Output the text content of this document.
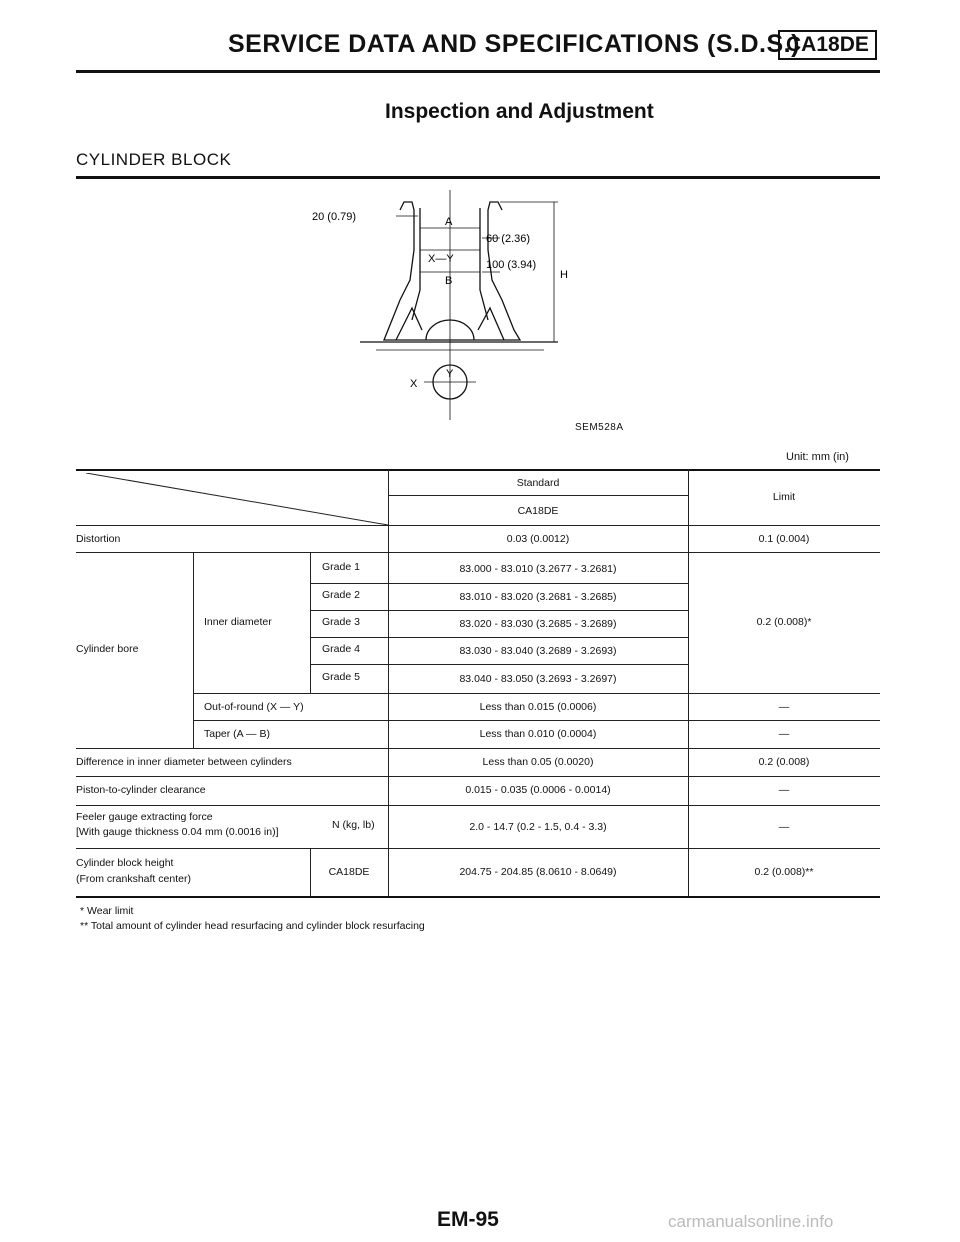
SERVICE DATA AND SPECIFICATIONS (S.D.S.)
CA18DE
Inspection and Adjustment
CYLINDER BLOCK
20 (0.79)	A
X—Y
B
60 (2.36)
100 (3.94)
H
X
Y
SEM528A
Unit: mm (in)
Standard
CA18DE
Limit
Distortion	0.03 (0.0012)	0.1 (0.004)
Cylinder bore
Inner diameter
Grade 1	83.000 - 83.010 (3.2677 - 3.2681)
Grade 2	83.010 - 83.020 (3.2681 - 3.2685)
Grade 3	83.020 - 83.030 (3.2685 - 3.2689)
Grade 4	83.030 - 83.040 (3.2689 - 3.2693)
Grade 5	83.040 - 83.050 (3.2693 - 3.2697)
0.2 (0.008)*
Out-of-round (X — Y)	Less than 0.015 (0.0006)	—
Taper (A — B)	Less than 0.010 (0.0004)	—
Difference in inner diameter between cylinders	Less than 0.05 (0.0020)	0.2 (0.008)
Piston-to-cylinder clearance	0.015 - 0.035 (0.0006 - 0.0014)	—
Feeler gauge extracting force
[With gauge thickness 0.04 mm (0.0016 in)]
N (kg, lb)	2.0 - 14.7 (0.2 - 1.5, 0.4 - 3.3)	—
Cylinder block height
(From crankshaft center)
CA18DE	204.75 - 204.85 (8.0610 - 8.0649)	0.2 (0.008)**
* Wear limit
** Total amount of cylinder head resurfacing and cylinder block resurfacing
EM-95	carmanualsonline.info
